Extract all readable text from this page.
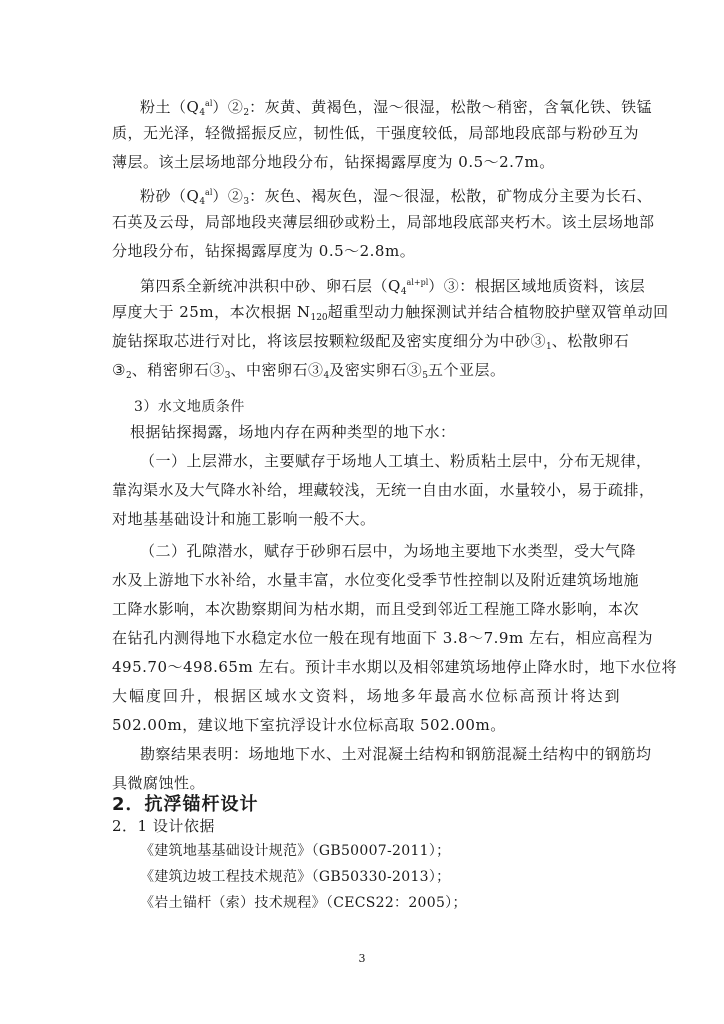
粉土$(Q_4^{al})②_2$：灰黄、黄褐色，湿～很湿，松散～稍密，含氧化铁、铁锰
质，无光泽，轻微摇振反应，韧性低，干强度较低，局部地段底部与粉砂互为
薄层。该土层场地部分地段分布，钻探揭露厚度为 0.5～2.7m。
粉砂$(Q_4^{al})②_3$：灰色、褐灰色，湿～很湿，松散，矿物成分主要为长石、
石英及云母，局部地段夹薄层细砂或粉土，局部地段底部夹朽木。该土层场地部
分地段分布，钻探揭露厚度为 0.5～2.8m。
第四系全新统冲洪积中砂、卵石层$(Q_4^{al+pl})③$：根据区域地质资料，该层
厚度大于 25m，本次根据 $N_{120}$超重型动力触探测试并结合植物胶护壁双管单动回
旋钻探取芯进行对比，将该层按颗粒级配及密实度细分为中砂$③_1$、松散卵石
$③_2$、稍密卵石$③_3$、中密卵石$③_4$及密实卵石$③_5$五个亚层。
3）水文地质条件
根据钻探揭露，场地内存在两种类型的地下水：
（一）上层滞水，主要赋存于场地人工填土、粉质粘土层中，分布无规律，
靠沟渠水及大气降水补给，埋藏较浅，无统一自由水面，水量较小，易于疏排，
对地基基础设计和施工影响一般不大。
（二）孔隙潜水，赋存于砂卵石层中，为场地主要地下水类型，受大气降
水及上游地下水补给，水量丰富，水位变化受季节性控制以及附近建筑场地施
工降水影响，本次勘察期间为枯水期，而且受到邻近工程施工降水影响，本次
在钻孔内测得地下水稳定水位一般在现有地面下 3.8～7.9m 左右，相应高程为
495.70～498.65m 左右。预计丰水期以及相邻建筑场地停止降水时，地下水位将
大幅度回升，根据区域水文资料，场地多年最高水位标高预计将达到
502.00m，建议地下室抗浮设计水位标高取 502.00m。
勘察结果表明：场地地下水、土对混凝土结构和钢筋混凝土结构中的钢筋均
2．抗浮锚杆设计
2．1 设计依据
《建筑地基基础设计规范》（GB50007-2011）；
《建筑边坡工程技术规范》（GB50330-2013）；
《岩土锚杆（索）技术规程》（CECS22：2005）；
3
具微腐蚀性。
